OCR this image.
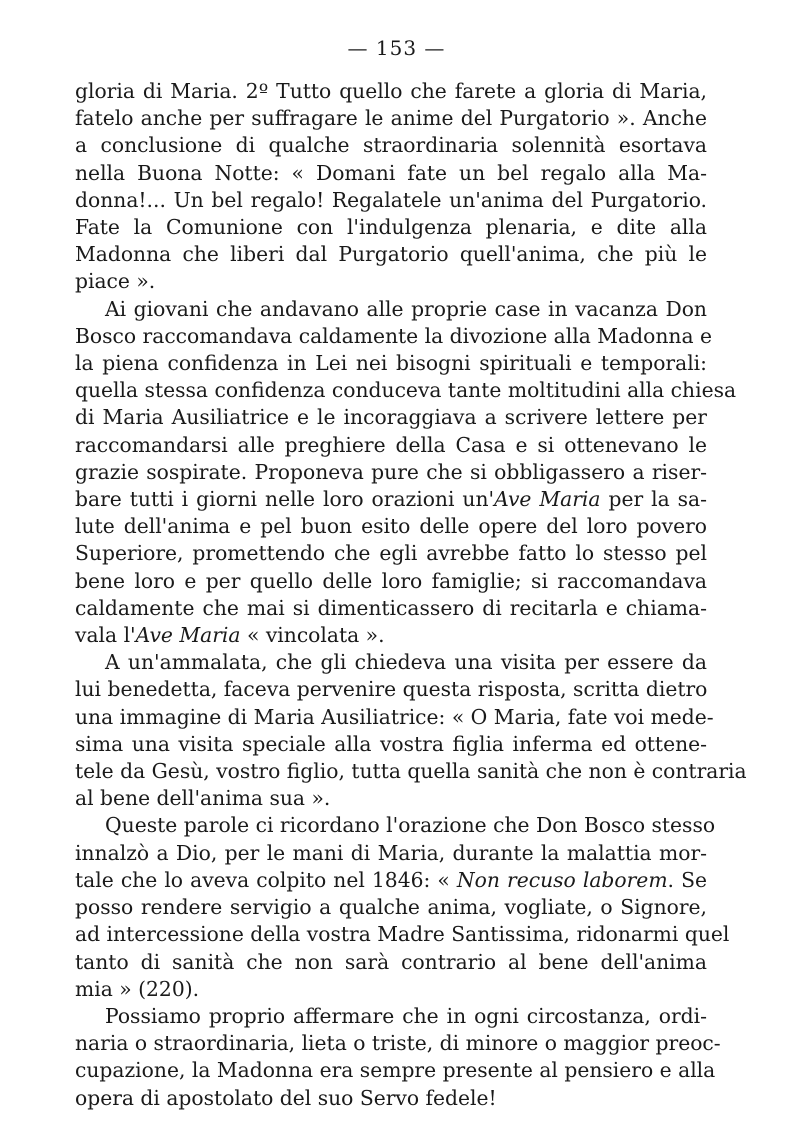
— 153 —

gloria di Maria. 2º Tutto quello che farete a gloria di Maria,
fatelo anche per suffragare le anime del Purgatorio ». Anche
a conclusione di qualche straordinaria solennità esortava
nella Buona Notte: « Domani fate un bel regalo alla Ma-
donna!... Un bel regalo! Regalatele un'anima del Purgatorio.
Fate la Comunione con l'indulgenza plenaria, e dite alla
Madonna che liberi dal Purgatorio quell'anima, che più le
piace ».

Ai giovani che andavano alle proprie case in vacanza Don
Bosco raccomandava caldamente la divozione alla Madonna e
la piena confidenza in Lei nei bisogni spirituali e temporali:
quella stessa confidenza conduceva tante moltitudini alla chiesa
di Maria Ausiliatrice e le incoraggiava a scrivere lettere per
raccomandarsi alle preghiere della Casa e si ottenevano le
grazie sospirate. Proponeva pure che si obbligassero a riser-
bare tutti i giorni nelle loro orazioni un'Ave Maria per la sa-
lute dell'anima e pel buon esito delle opere del loro povero
Superiore, promettendo che egli avrebbe fatto lo stesso pel
bene loro e per quello delle loro famiglie; si raccomandava
caldamente che mai si dimenticassero di recitarla e chiama-
vala l'Ave Maria « vincolata ».

A un'ammalata, che gli chiedeva una visita per essere da
lui benedetta, faceva pervenire questa risposta, scritta dietro
una immagine di Maria Ausiliatrice: « O Maria, fate voi mede-
sima una visita speciale alla vostra figlia inferma ed ottene-
tele da Gesù, vostro figlio, tutta quella sanità che non è contraria
al bene dell'anima sua ».

Queste parole ci ricordano l'orazione che Don Bosco stesso
innalzò a Dio, per le mani di Maria, durante la malattia mor-
tale che lo aveva colpito nel 1846: « Non recuso laborem. Se
posso rendere servigio a qualche anima, vogliate, o Signore,
ad intercessione della vostra Madre Santissima, ridonarmi quel
tanto di sanità che non sarà contrario al bene dell'anima
mia » (220).

Possiamo proprio affermare che in ogni circostanza, ordi-
naria o straordinaria, lieta o triste, di minore o maggior preoc-
cupazione, la Madonna era sempre presente al pensiero e alla
opera di apostolato del suo Servo fedele!
